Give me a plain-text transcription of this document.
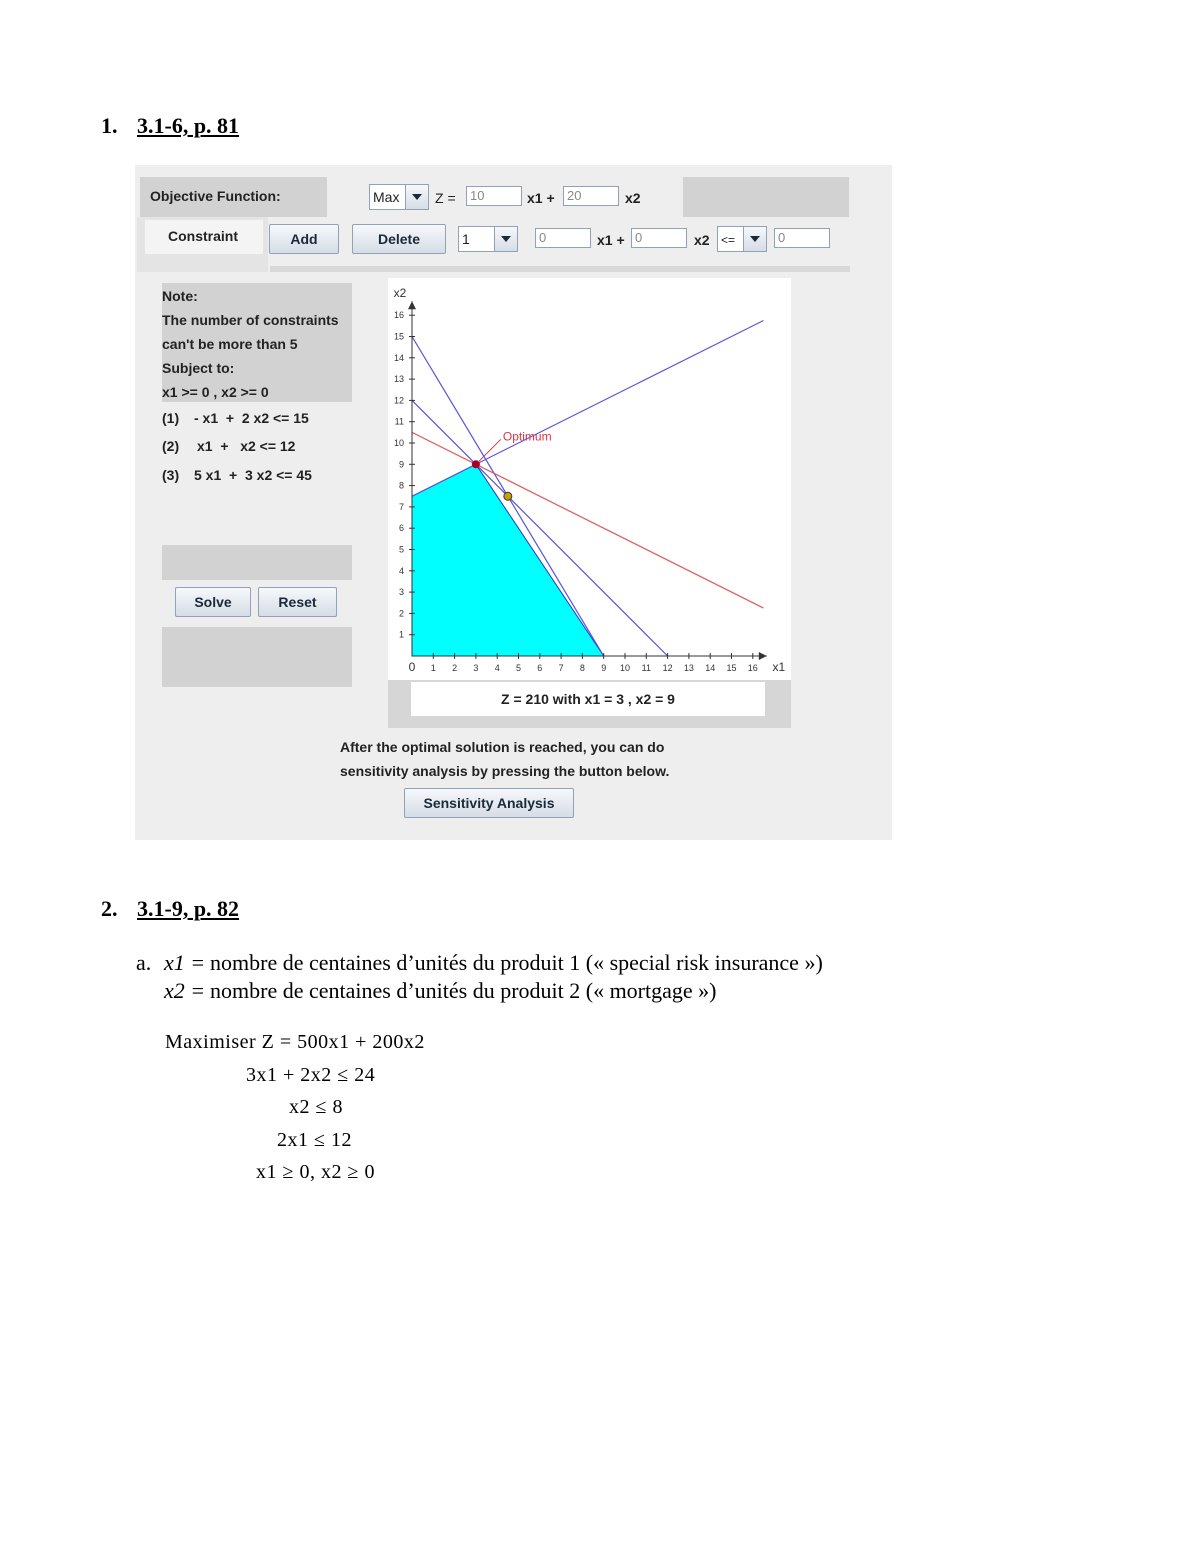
1. 3.1-6, p. 81
Objective Function:	Max	Z =	10	x1 + 20	x2
Constraint	Add	Delete	1	0	x1 + 0	x2 <=	0
Note:
The number of constraints
can't be more than 5
Subject to:
x1 >= 0 , x2 >= 0
(1) - x1  +  2 x2 <= 15
(2) x1  +   x2 <= 12
(3) 5 x1  +  3 x2 <= 45
Solve	Reset
0 1 2 3 4 5 6 7 8 9 10 11 12 13 14 15 16
1
2
3
4
5
6
7
8
9
10
11
12
13
14
15
16
x1
x2
Optimum
Z = 210 with x1 = 3 , x2 = 9
After the optimal solution is reached, you can do
sensitivity analysis by pressing the button below.
Sensitivity Analysis
2. 3.1-9, p. 82
a. x1 = nombre de centaines d’unités du produit 1 (« special risk insurance »)
x2 = nombre de centaines d’unités du produit 2 (« mortgage »)
Maximiser Z = 500x1 + 200x2
3x1 + 2x2 ≤ 24
x2 ≤ 8
2x1 ≤ 12
x1 ≥ 0, x2 ≥ 0
